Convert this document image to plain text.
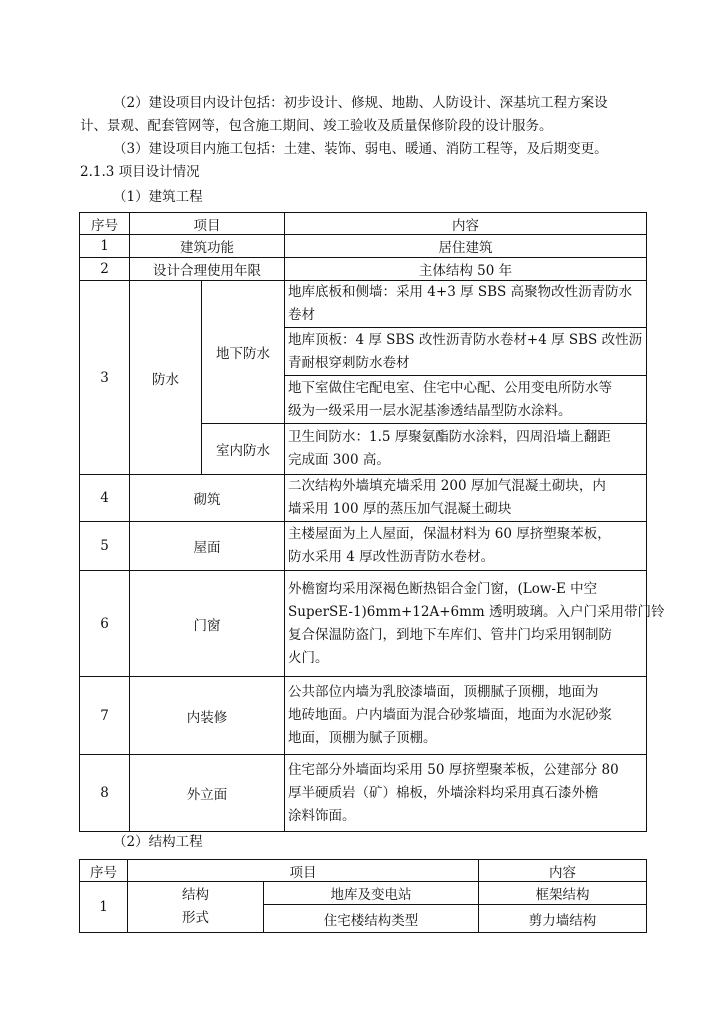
（2）建设项目内设计包括：初步设计、修规、地勘、人防设计、深基坑工程方案设
计、景观、配套管网等，包含施工期间、竣工验收及质量保修阶段的设计服务。
（3）建设项目内施工包括：土建、装饰、弱电、暖通、消防工程等，及后期变更。
2.1.3 项目设计情况
（1）建筑工程
序号	项目		内容
1	建筑功能		居住建筑
2	设计合理使用年限		主体结构 50 年
3	防水	地下防水	地库底板和侧墙：采用 4+3 厚 SBS 高聚物改性沥青防水
卷材

			地库顶板：4 厚 SBS 改性沥青防水卷材+4 厚 SBS 改性沥
青耐根穿刺防水卷材

			地下室做住宅配电室、住宅中心配、公用变电所防水等
级为一级采用一层水泥基渗透结晶型防水涂料。

		室内防水	卫生间防水：1.5 厚聚氨酯防水涂料，四周沿墙上翻距
完成面 300 高。

4	砌筑		二次结构外墙填充墙采用 200 厚加气混凝土砌块，内
墙采用 100 厚的蒸压加气混凝土砌块

5	屋面		主楼屋面为上人屋面，保温材料为 60 厚挤塑聚苯板，
防水采用 4 厚改性沥青防水卷材。

6	门窗		外檐窗均采用深褐色断热铝合金门窗，(Low-E 中空
SuperSE-1)6mm+12A+6mm 透明玻璃。入户门采用带门铃
复合保温防盗门，到地下车库们、管井门均采用钢制防
火门。

7	内装修		公共部位内墙为乳胶漆墙面，顶棚腻子顶棚，地面为
地砖地面。户内墙面为混合砂浆墙面，地面为水泥砂浆
地面，顶棚为腻子顶棚。

8	外立面		住宅部分外墙面均采用 50 厚挤塑聚苯板，公建部分 80
厚半硬质岩（矿）棉板，外墙涂料均采用真石漆外檐
涂料饰面。
（2）结构工程
序号	项目		内容
1	结构
形式	地库及变电站	框架结构
		住宅楼结构类型	剪力墙结构
